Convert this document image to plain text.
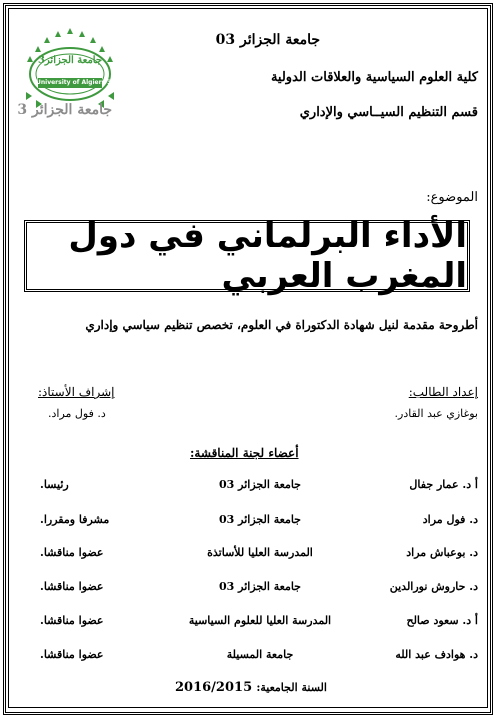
جامعة الجزائر3
University of Algiers 3
جامعة الجزائر 3
جامعة الجزائر 03
كلية العلوم السياسية والعلاقات الدولية
قسم التنظيم السيــاسي والإداري
الموضوع:
الأداء البرلماني في دول المغرب العربي
أطروحة مقدمة لنيل شهادة الدكتوراة في العلوم، تخصص تنظيم سياسي وإداري
إعداد الطالب:
بوغازي عبد القادر.
إشراف الأستاذ:
د. فول مراد.
أعضاء لجنة المناقشة:
أ د. عمار جفال
جامعة الجزائر 03
رئيسا.
د. فول مراد
جامعة الجزائر 03
مشرفا ومقررا.
د. بوعباش مراد
المدرسة العليا للأساتذة
عضوا مناقشا.
د. حاروش نورالدين
جامعة الجزائر 03
عضوا مناقشا.
أ د. سعود صالح
المدرسة العليا للعلوم السياسية
عضوا مناقشا.
د. هوادف عبد الله
جامعة المسيلة
عضوا مناقشا.
السنة الجامعية: 2016/2015
